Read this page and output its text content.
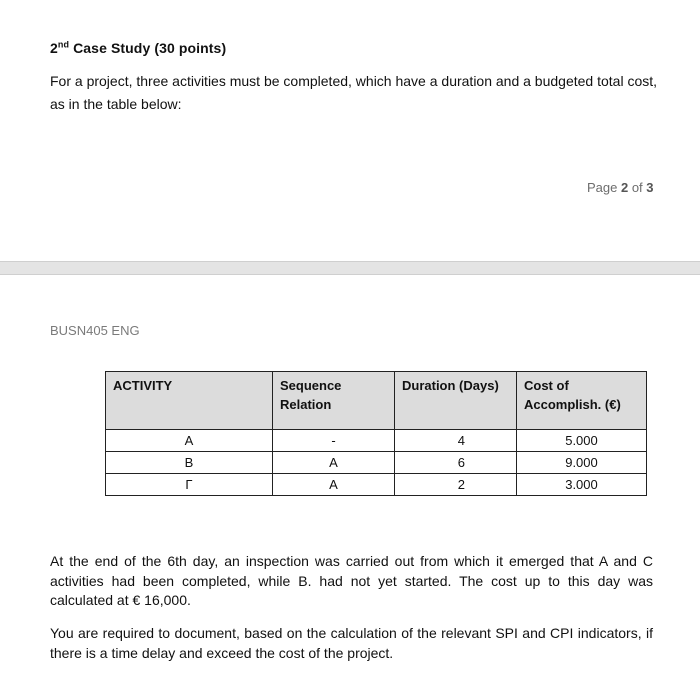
2nd Case Study (30 points)
For a project, three activities must be completed, which have a duration and a budgeted total cost, as in the table below:
Page 2 of 3
BUSN405 ENG
ACTIVITY	Sequence Relation	Duration (Days)	Cost of Accomplish. (€)
A	-	4	5.000
B	A	6	9.000
Γ	A	2	3.000
At the end of the 6th day, an inspection was carried out from which it emerged that A and C activities had been completed, while B. had not yet started. The cost up to this day was calculated at € 16,000.
You are required to document, based on the calculation of the relevant SPI and CPI indicators, if there is a time delay and exceed the cost of the project.
